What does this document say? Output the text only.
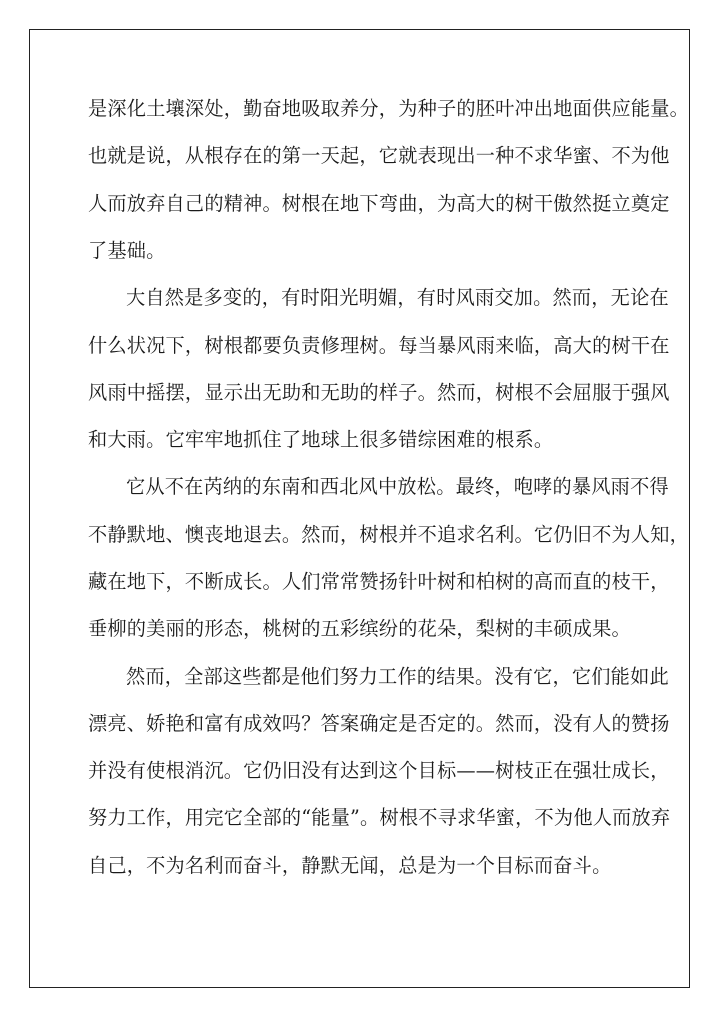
是深化土壤深处，勤奋地吸取养分，为种子的胚叶冲出地面供应能量。

也就是说，从根存在的第一天起，它就表现出一种不求华蜜、不为他

人而放弃自己的精神。树根在地下弯曲，为高大的树干傲然挺立奠定

了基础。

大自然是多变的，有时阳光明媚，有时风雨交加。然而，无论在

什么状况下，树根都要负责修理树。每当暴风雨来临，高大的树干在

风雨中摇摆，显示出无助和无助的样子。然而，树根不会屈服于强风

和大雨。它牢牢地抓住了地球上很多错综困难的根系。

它从不在芮纳的东南和西北风中放松。最终，咆哮的暴风雨不得

不静默地、懊丧地退去。然而，树根并不追求名利。它仍旧不为人知，

藏在地下，不断成长。人们常常赞扬针叶树和柏树的高而直的枝干，

垂柳的美丽的形态，桃树的五彩缤纷的花朵，梨树的丰硕成果。

然而，全部这些都是他们努力工作的结果。没有它，它们能如此

漂亮、娇艳和富有成效吗？答案确定是否定的。然而，没有人的赞扬

并没有使根消沉。它仍旧没有达到这个目标——树枝正在强壮成长，

努力工作，用完它全部的“能量”。树根不寻求华蜜，不为他人而放弃

自己，不为名利而奋斗，静默无闻，总是为一个目标而奋斗。
